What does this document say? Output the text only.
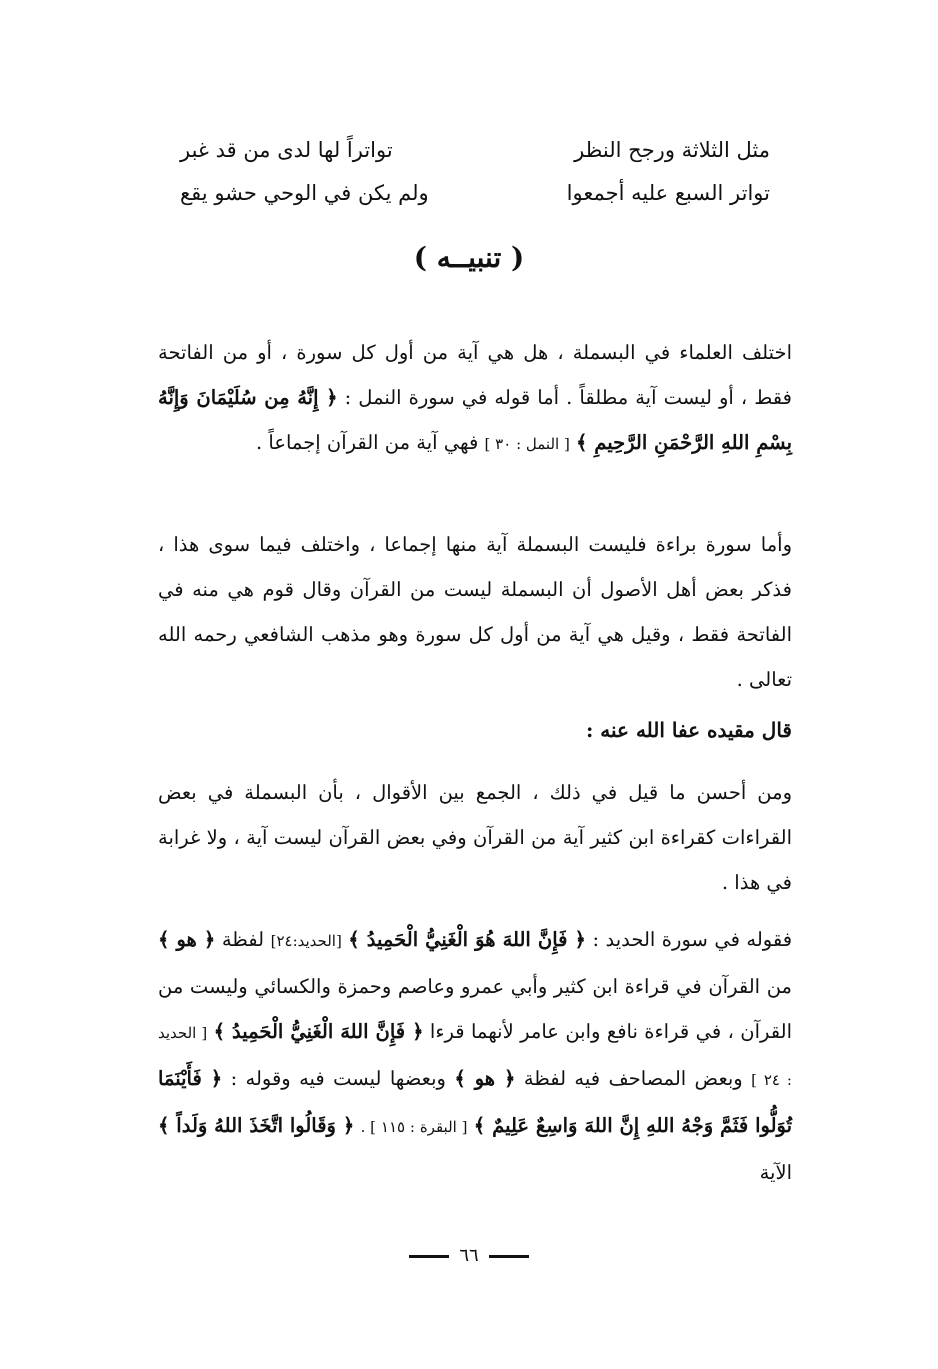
مثل الثلاثة ورجح النظر
تواتراً لها لدى من قد غبر
تواتر السبع عليه أجمعوا
ولم يكن في الوحي حشو يقع
( تنبيــه )
اختلف العلماء في البسملة ، هل هي آية من أول كل سورة ، أو من الفاتحة فقط ، أو ليست آية مطلقاً . أما قوله في سورة النمل : ﴿ إِنَّهُ مِن سُلَيْمَانَ وَإِنَّهُ بِسْمِ اللهِ الرَّحْمَنِ الرَّحِيمِ ﴾ [ النمل : ٣٠ ] فهي آية من القرآن إجماعاً .
وأما سورة براءة فليست البسملة آية منها إجماعا ، واختلف فيما سوى هذا ، فذكر بعض أهل الأصول أن البسملة ليست من القرآن وقال قوم هي منه في الفاتحة فقط ، وقيل هي آية من أول كل سورة وهو مذهب الشافعي رحمه الله تعالى .
قال مقيده عفا الله عنه :
ومن أحسن ما قيل في ذلك ، الجمع بين الأقوال ، بأن البسملة في بعض القراءات كقراءة ابن كثير آية من القرآن وفي بعض القرآن ليست آية ، ولا غرابة في هذا .
فقوله في سورة الحديد : ﴿ فَإِنَّ اللهَ هُوَ الْغَنِيُّ الْحَمِيدُ ﴾ [الحديد:٢٤] لفظة ﴿ هو ﴾ من القرآن في قراءة ابن كثير وأبي عمرو وعاصم وحمزة والكسائي وليست من القرآن ، في قراءة نافع وابن عامر لأنهما قرءا ﴿ فَإِنَّ اللهَ الْغَنِيُّ الْحَمِيدُ ﴾ [ الحديد : ٢٤ ] وبعض المصاحف فيه لفظة ﴿ هو ﴾ وبعضها ليست فيه وقوله : ﴿ فَأَيْنَمَا تُوَلُّوا فَثَمَّ وَجْهُ اللهِ إِنَّ اللهَ وَاسِعٌ عَلِيمٌ ﴾ [ البقرة : ١١٥ ] . ﴿ وَقَالُوا اتَّخَذَ اللهُ وَلَداً ﴾ الآية
٦٦
